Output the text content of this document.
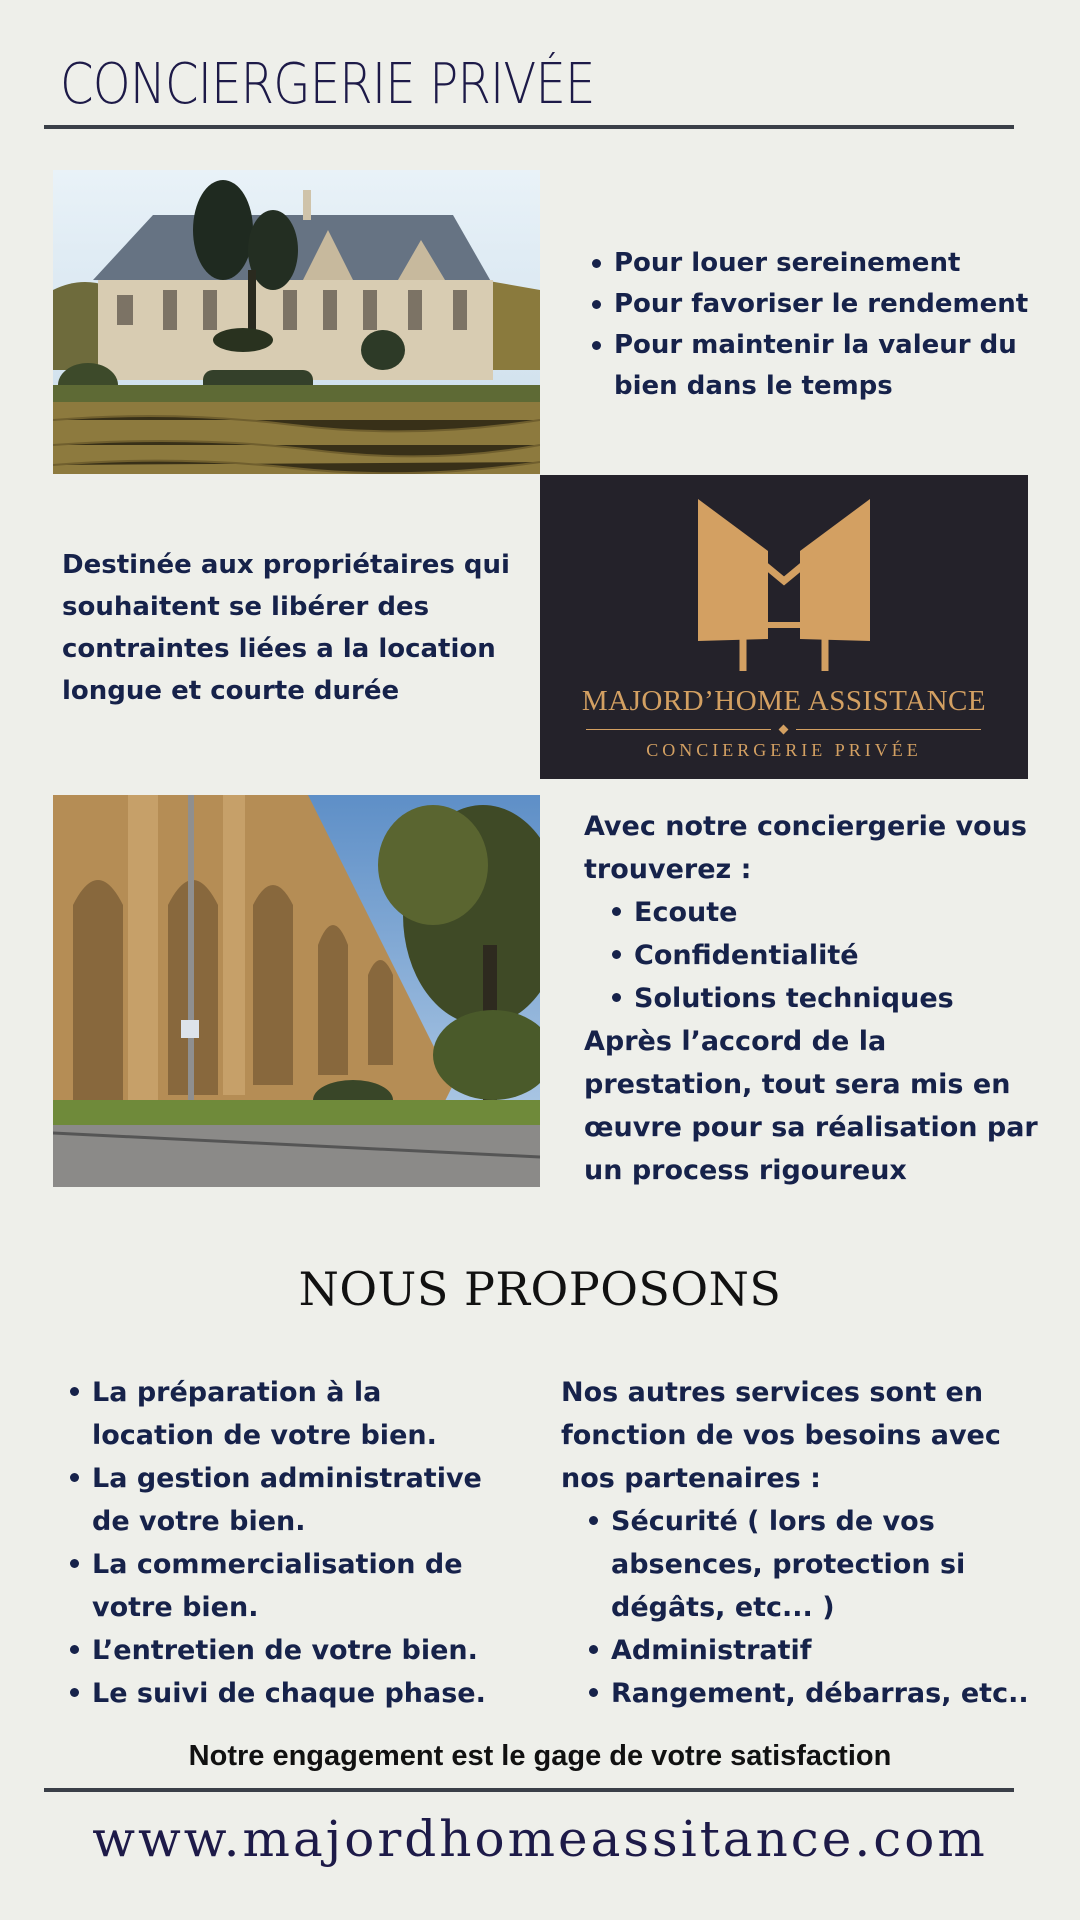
CONCIERGERIE PRIVÉE
Pour louer sereinement
Pour favoriser le rendement
Pour maintenir la valeur du bien dans le temps
Destinée aux propriétaires qui souhaitent se libérer des contraintes liées a la location longue et courte durée	MAJORD’HOME ASSISTANCE
CONCIERGERIE PRIVÉE
Avec notre conciergerie vous trouverez :
Ecoute
Confidentialité
Solutions techniques
Après l’accord de la prestation, tout sera mis en œuvre pour sa réalisation par un process rigoureux
NOUS PROPOSONS
La préparation à la location de votre bien.
La gestion administrative de votre bien.
La commercialisation de votre bien.
L’entretien de votre bien.
Le suivi de chaque phase.
Nos autres services sont en fonction de vos besoins avec nos partenaires :
Sécurité ( lors de vos absences, protection si dégâts, etc... )
Administratif
Rangement, débarras, etc..
Notre engagement est le gage de votre satisfaction
www.majordhomeassitance.com
